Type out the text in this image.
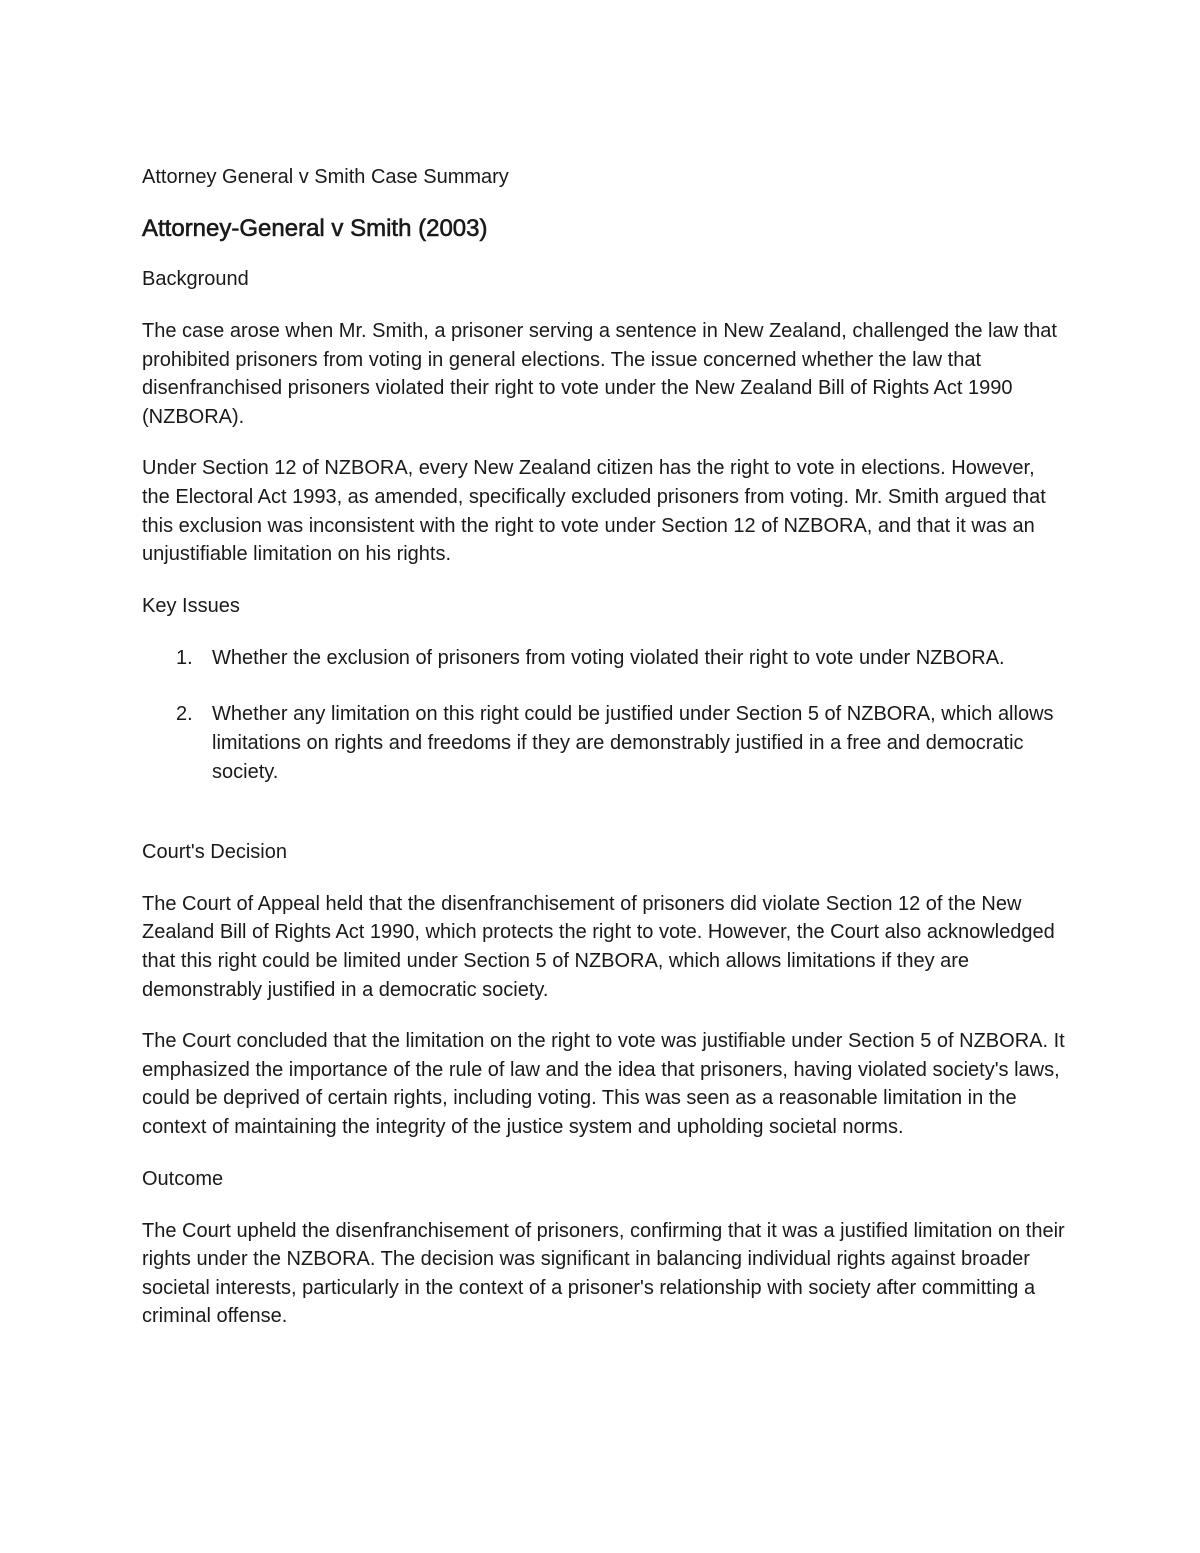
Attorney General v Smith Case Summary
Attorney-General v Smith (2003)
Background

The case arose when Mr. Smith, a prisoner serving a sentence in New Zealand, challenged the law that prohibited prisoners from voting in general elections. The issue concerned whether the law that disenfranchised prisoners violated their right to vote under the New Zealand Bill of Rights Act 1990 (NZBORA).

Under Section 12 of NZBORA, every New Zealand citizen has the right to vote in elections. However, the Electoral Act 1993, as amended, specifically excluded prisoners from voting. Mr. Smith argued that this exclusion was inconsistent with the right to vote under Section 12 of NZBORA, and that it was an unjustifiable limitation on his rights.

Key Issues
1. Whether the exclusion of prisoners from voting violated their right to vote under NZBORA.
2. Whether any limitation on this right could be justified under Section 5 of NZBORA, which allows limitations on rights and freedoms if they are demonstrably justified in a free and democratic society.
Court's Decision

The Court of Appeal held that the disenfranchisement of prisoners did violate Section 12 of the New Zealand Bill of Rights Act 1990, which protects the right to vote. However, the Court also acknowledged that this right could be limited under Section 5 of NZBORA, which allows limitations if they are demonstrably justified in a democratic society.

The Court concluded that the limitation on the right to vote was justifiable under Section 5 of NZBORA. It emphasized the importance of the rule of law and the idea that prisoners, having violated society's laws, could be deprived of certain rights, including voting. This was seen as a reasonable limitation in the context of maintaining the integrity of the justice system and upholding societal norms.

Outcome

The Court upheld the disenfranchisement of prisoners, confirming that it was a justified limitation on their rights under the NZBORA. The decision was significant in balancing individual rights against broader societal interests, particularly in the context of a prisoner's relationship with society after committing a criminal offense.
